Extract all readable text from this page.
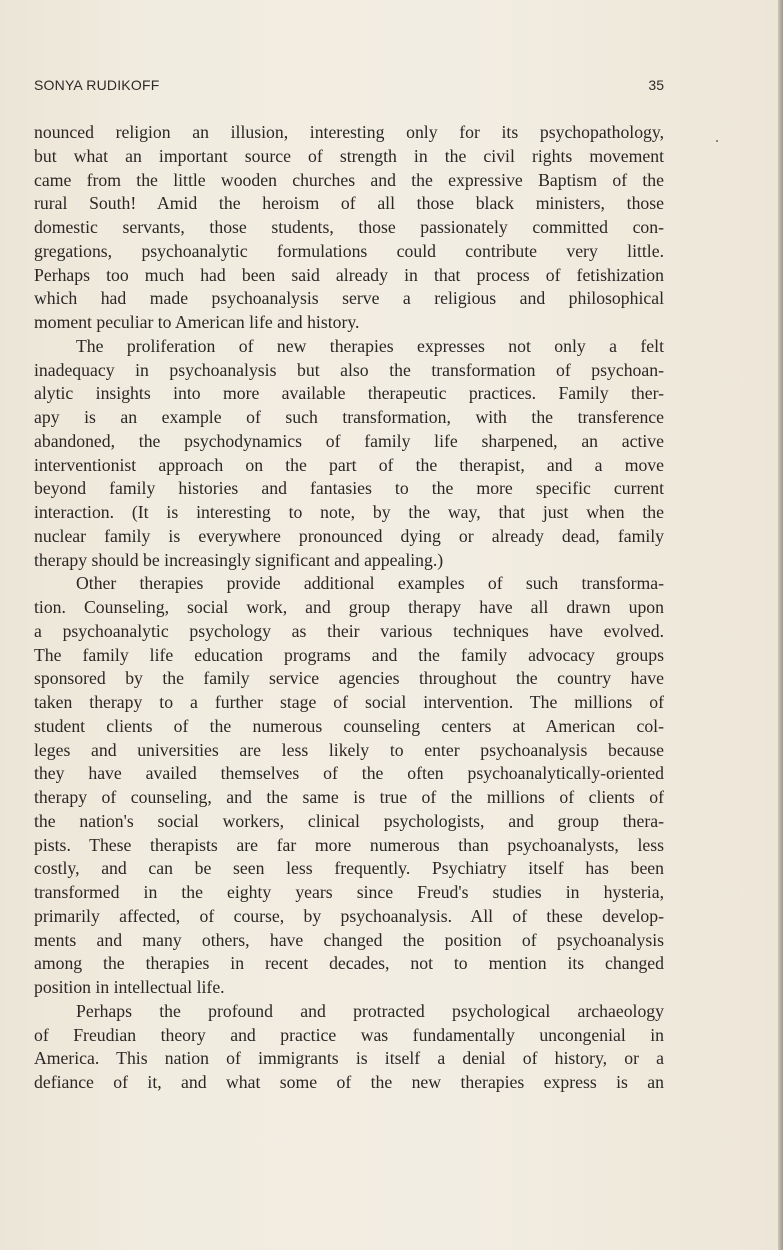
SONYA RUDIKOFF	35
nounced religion an illusion, interesting only for its psychopathology,
but what an important source of strength in the civil rights movement
came from the little wooden churches and the expressive Baptism of the
rural South! Amid the heroism of all those black ministers, those
domestic servants, those students, those passionately committed con-
gregations, psychoanalytic formulations could contribute very little.
Perhaps too much had been said already in that process of fetishization
which had made psychoanalysis serve a religious and philosophical
moment peculiar to American life and history.
The proliferation of new therapies expresses not only a felt
inadequacy in psychoanalysis but also the transformation of psychoan-
alytic insights into more available therapeutic practices. Family ther-
apy is an example of such transformation, with the transference
abandoned, the psychodynamics of family life sharpened, an active
interventionist approach on the part of the therapist, and a move
beyond family histories and fantasies to the more specific current
interaction. (It is interesting to note, by the way, that just when the
nuclear family is everywhere pronounced dying or already dead, family
therapy should be increasingly significant and appealing.)
Other therapies provide additional examples of such transforma-
tion. Counseling, social work, and group therapy have all drawn upon
a psychoanalytic psychology as their various techniques have evolved.
The family life education programs and the family advocacy groups
sponsored by the family service agencies throughout the country have
taken therapy to a further stage of social intervention. The millions of
student clients of the numerous counseling centers at American col-
leges and universities are less likely to enter psychoanalysis because
they have availed themselves of the often psychoanalytically-oriented
therapy of counseling, and the same is true of the millions of clients of
the nation's social workers, clinical psychologists, and group thera-
pists. These therapists are far more numerous than psychoanalysts, less
costly, and can be seen less frequently. Psychiatry itself has been
transformed in the eighty years since Freud's studies in hysteria,
primarily affected, of course, by psychoanalysis. All of these develop-
ments and many others, have changed the position of psychoanalysis
among the therapies in recent decades, not to mention its changed
position in intellectual life.
Perhaps the profound and protracted psychological archaeology
of Freudian theory and practice was fundamentally uncongenial in
America. This nation of immigrants is itself a denial of history, or a
defiance of it, and what some of the new therapies express is an
